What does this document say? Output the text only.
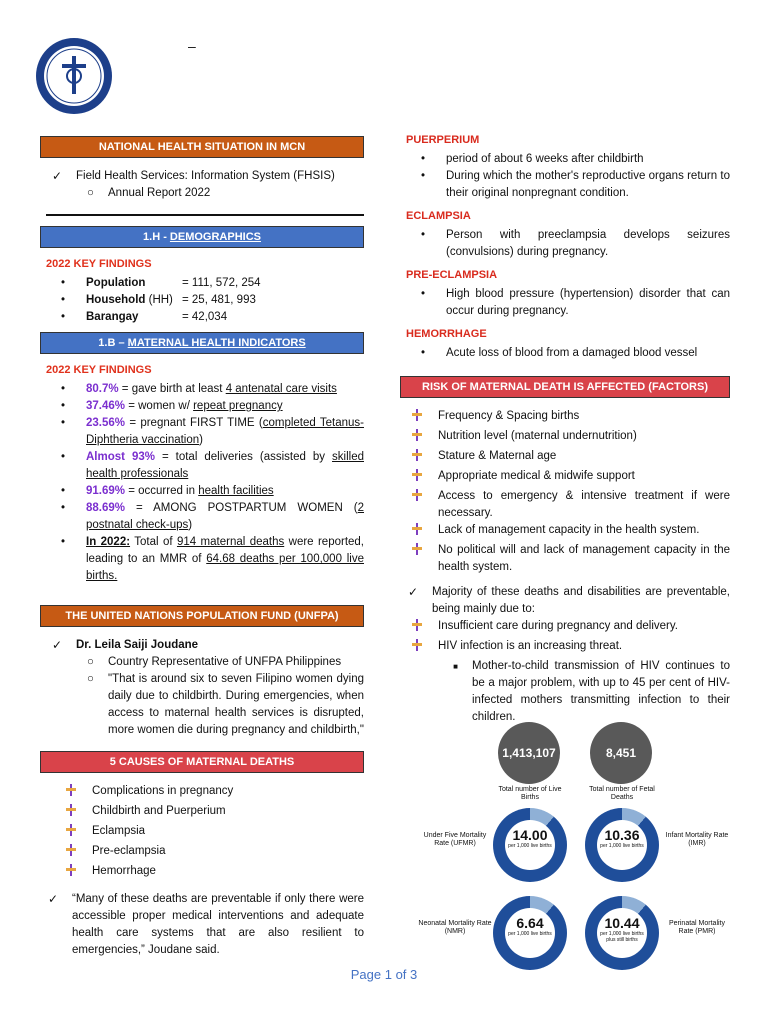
–
NATIONAL HEALTH SITUATION IN MCN
✓	Field Health Services: Information System (FHSIS)
○	Annual Report 2022
1.H - DEMOGRAPHICS
2022 KEY FINDINGS
•	Population	= 111, 572, 254
•	Household (HH) = 25, 481, 993
•	Barangay	= 42,034
1.B – MATERNAL HEALTH INDICATORS
2022 KEY FINDINGS
•	80.7% = gave birth at least 4 antenatal care visits
•	37.46% = women w/ repeat pregnancy
•	23.56% = pregnant FIRST TIME (completed Tetanus- Diphtheria vaccination)
•	Almost 93% = total deliveries (assisted by skilled health professionals
•	91.69% = occurred in health facilities
•	88.69% = AMONG POSTPARTUM WOMEN (2 postnatal check-ups)
•	In 2022: Total of 914 maternal deaths were reported, leading to an MMR of 64.68 deaths per 100,000 live births.
THE UNITED NATIONS POPULATION FUND (UNFPA)
✓	Dr. Leila Saiji Joudane
○	Country Representative of UNFPA Philippines
○	"That is around six to seven Filipino women dying daily due to childbirth. During emergencies, when access to maternal health services is disrupted, more women die during pregnancy and childbirth,"
5 CAUSES OF MATERNAL DEATHS
Complications in pregnancy
Childbirth and Puerperium
Eclampsia
Pre-eclampsia
Hemorrhage
✓	“Many of these deaths are preventable if only there were accessible proper medical interventions and adequate health care systems that are also resilient to emergencies,” Joudane said.
PUERPERIUM
•	period of about 6 weeks after childbirth
•	During which the mother's reproductive organs return to their original nonpregnant condition.
ECLAMPSIA
•	Person with preeclampsia develops seizures (convulsions) during pregnancy.
PRE-ECLAMPSIA
•	High blood pressure (hypertension) disorder that can occur during pregnancy.
HEMORRHAGE
•	Acute loss of blood from a damaged blood vessel
RISK OF MATERNAL DEATH IS AFFECTED (FACTORS)
Frequency & Spacing births
Nutrition level (maternal undernutrition)
Stature & Maternal age
Appropriate medical & midwife support
Access to emergency & intensive treatment if were necessary.
Lack of management capacity in the health system.
No political will and lack of management capacity in the health system.
✓	Majority of these deaths and disabilities are preventable, being mainly due to:
Insufficient care during pregnancy and delivery.
HIV infection is an increasing threat.
■	Mother-to-child transmission of HIV continues to be a major problem, with up to 45 per cent of HIV-infected mothers transmitting infection to their children.
1,413,107
Total number of Live Births
8,451
Total number of Fetal Deaths
Under Five Mortality Rate (UFMR)
14.00
per 1,000 live births
10.36
per 1,000 live births
Infant Mortality Rate (IMR)
Neonatal Mortality Rate (NMR)
6.64
per 1,000 live births
10.44
per 1,000 live births plus still births
Perinatal Mortality Rate (PMR)
Page 1 of 3
